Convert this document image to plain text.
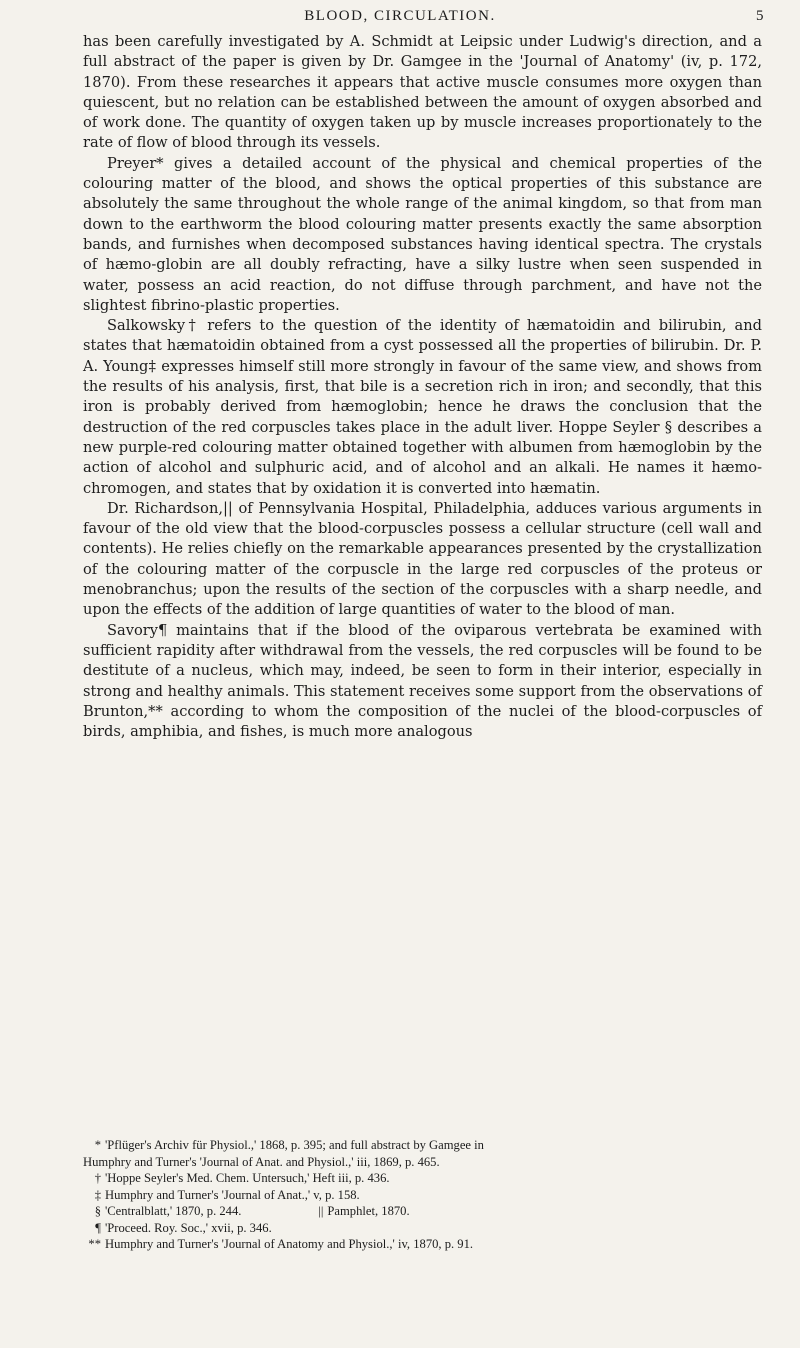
BLOOD, CIRCULATION.	5

has been carefully investigated by A. Schmidt at Leipsic under Ludwig's direction, and a full abstract of the paper is given by Dr. Gamgee in the 'Journal of Anatomy' (iv, p. 172, 1870). From these researches it appears that active muscle consumes more oxygen than quiescent, but no relation can be established between the amount of oxygen absorbed and of work done. The quantity of oxygen taken up by muscle increases proportionately to the rate of flow of blood through its vessels.

Preyer* gives a detailed account of the physical and chemical properties of the colouring matter of the blood, and shows the optical properties of this substance are absolutely the same throughout the whole range of the animal kingdom, so that from man down to the earthworm the blood colouring matter presents exactly the same absorption bands, and furnishes when decomposed substances having identical spectra. The crystals of hæmo-globin are all doubly refracting, have a silky lustre when seen suspended in water, possess an acid reaction, do not diffuse through parchment, and have not the slightest fibrino-plastic properties.

Salkowsky† refers to the question of the identity of hæmatoidin and bilirubin, and states that hæmatoidin obtained from a cyst possessed all the properties of bilirubin. Dr. P. A. Young‡ expresses himself still more strongly in favour of the same view, and shows from the results of his analysis, first, that bile is a secretion rich in iron; and secondly, that this iron is probably derived from hæmoglobin; hence he draws the conclusion that the destruction of the red corpuscles takes place in the adult liver. Hoppe Seyler § describes a new purple-red colouring matter obtained together with albumen from hæmoglobin by the action of alcohol and sulphuric acid, and of alcohol and an alkali. He names it hæmo-chromogen, and states that by oxidation it is converted into hæmatin.

Dr. Richardson,|| of Pennsylvania Hospital, Philadelphia, adduces various arguments in favour of the old view that the blood-corpuscles possess a cellular structure (cell wall and contents). He relies chiefly on the remarkable appearances presented by the crystallization of the colouring matter of the corpuscle in the large red corpuscles of the proteus or menobranchus; upon the results of the section of the corpuscles with a sharp needle, and upon the effects of the addition of large quantities of water to the blood of man.

Savory¶ maintains that if the blood of the oviparous vertebrata be examined with sufficient rapidity after withdrawal from the vessels, the red corpuscles will be found to be destitute of a nucleus, which may, indeed, be seen to form in their interior, especially in strong and healthy animals. This statement receives some support from the observations of Brunton,** according to whom the composition of the nuclei of the blood-corpuscles of birds, amphibia, and fishes, is much more analogous

* 'Pflüger's Archiv für Physiol.,' 1868, p. 395; and full abstract by Gamgee in
Humphry and Turner's 'Journal of Anat. and Physiol.,' iii, 1869, p. 465.
† 'Hoppe Seyler's Med. Chem. Untersuch,' Heft iii, p. 436.
‡ Humphry and Turner's 'Journal of Anat.,' v, p. 158.
§ 'Centralblatt,' 1870, p. 244.	|| Pamphlet, 1870.
¶ 'Proceed. Roy. Soc.,' xvii, p. 346.
** Humphry and Turner's 'Journal of Anatomy and Physiol.,' iv, 1870, p. 91.
